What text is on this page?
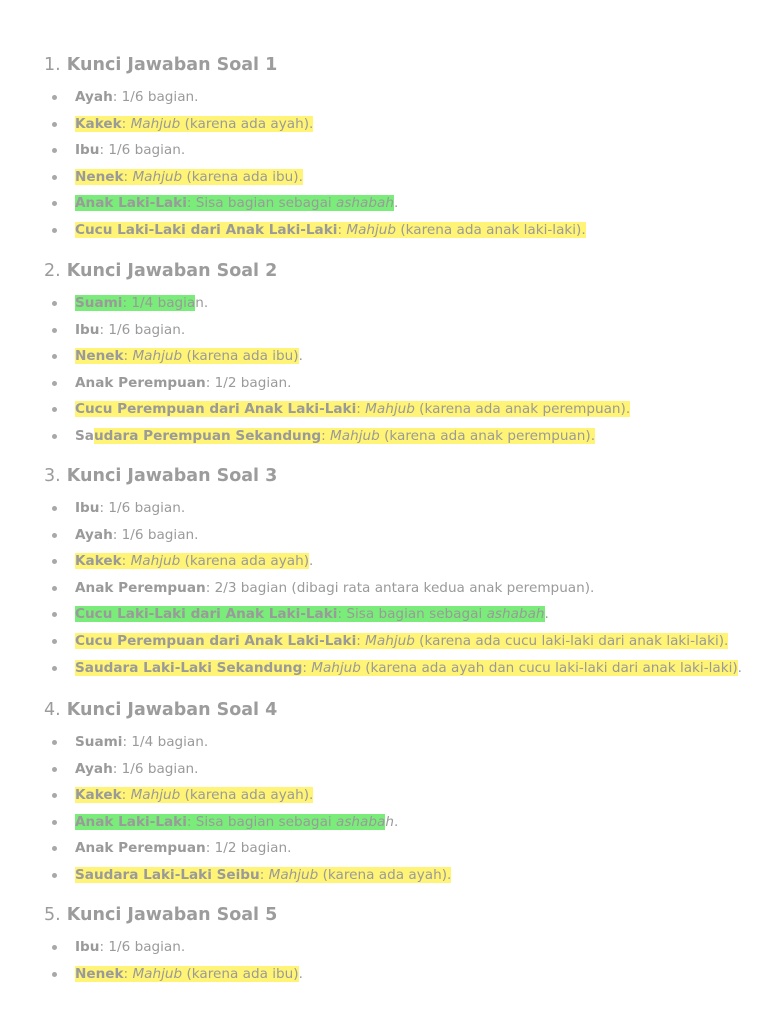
1. Kunci Jawaban Soal 1
Ayah: 1/6 bagian.
Kakek: Mahjub (karena ada ayah).
Ibu: 1/6 bagian.
Nenek: Mahjub (karena ada ibu).
Anak Laki-Laki: Sisa bagian sebagai ashabah.
Cucu Laki-Laki dari Anak Laki-Laki: Mahjub (karena ada anak laki-laki).
2. Kunci Jawaban Soal 2
Suami: 1/4 bagian.
Ibu: 1/6 bagian.
Nenek: Mahjub (karena ada ibu).
Anak Perempuan: 1/2 bagian.
Cucu Perempuan dari Anak Laki-Laki: Mahjub (karena ada anak perempuan).
Saudara Perempuan Sekandung: Mahjub (karena ada anak perempuan).
3. Kunci Jawaban Soal 3
Ibu: 1/6 bagian.
Ayah: 1/6 bagian.
Kakek: Mahjub (karena ada ayah).
Anak Perempuan: 2/3 bagian (dibagi rata antara kedua anak perempuan).
Cucu Laki-Laki dari Anak Laki-Laki: Sisa bagian sebagai ashabah.
Cucu Perempuan dari Anak Laki-Laki: Mahjub (karena ada cucu laki-laki dari anak laki-laki).
Saudara Laki-Laki Sekandung: Mahjub (karena ada ayah dan cucu laki-laki dari anak laki-laki).
4. Kunci Jawaban Soal 4
Suami: 1/4 bagian.
Ayah: 1/6 bagian.
Kakek: Mahjub (karena ada ayah).
Anak Laki-Laki: Sisa bagian sebagai ashabah.
Anak Perempuan: 1/2 bagian.
Saudara Laki-Laki Seibu: Mahjub (karena ada ayah).
5. Kunci Jawaban Soal 5
Ibu: 1/6 bagian.
Nenek: Mahjub (karena ada ibu).
